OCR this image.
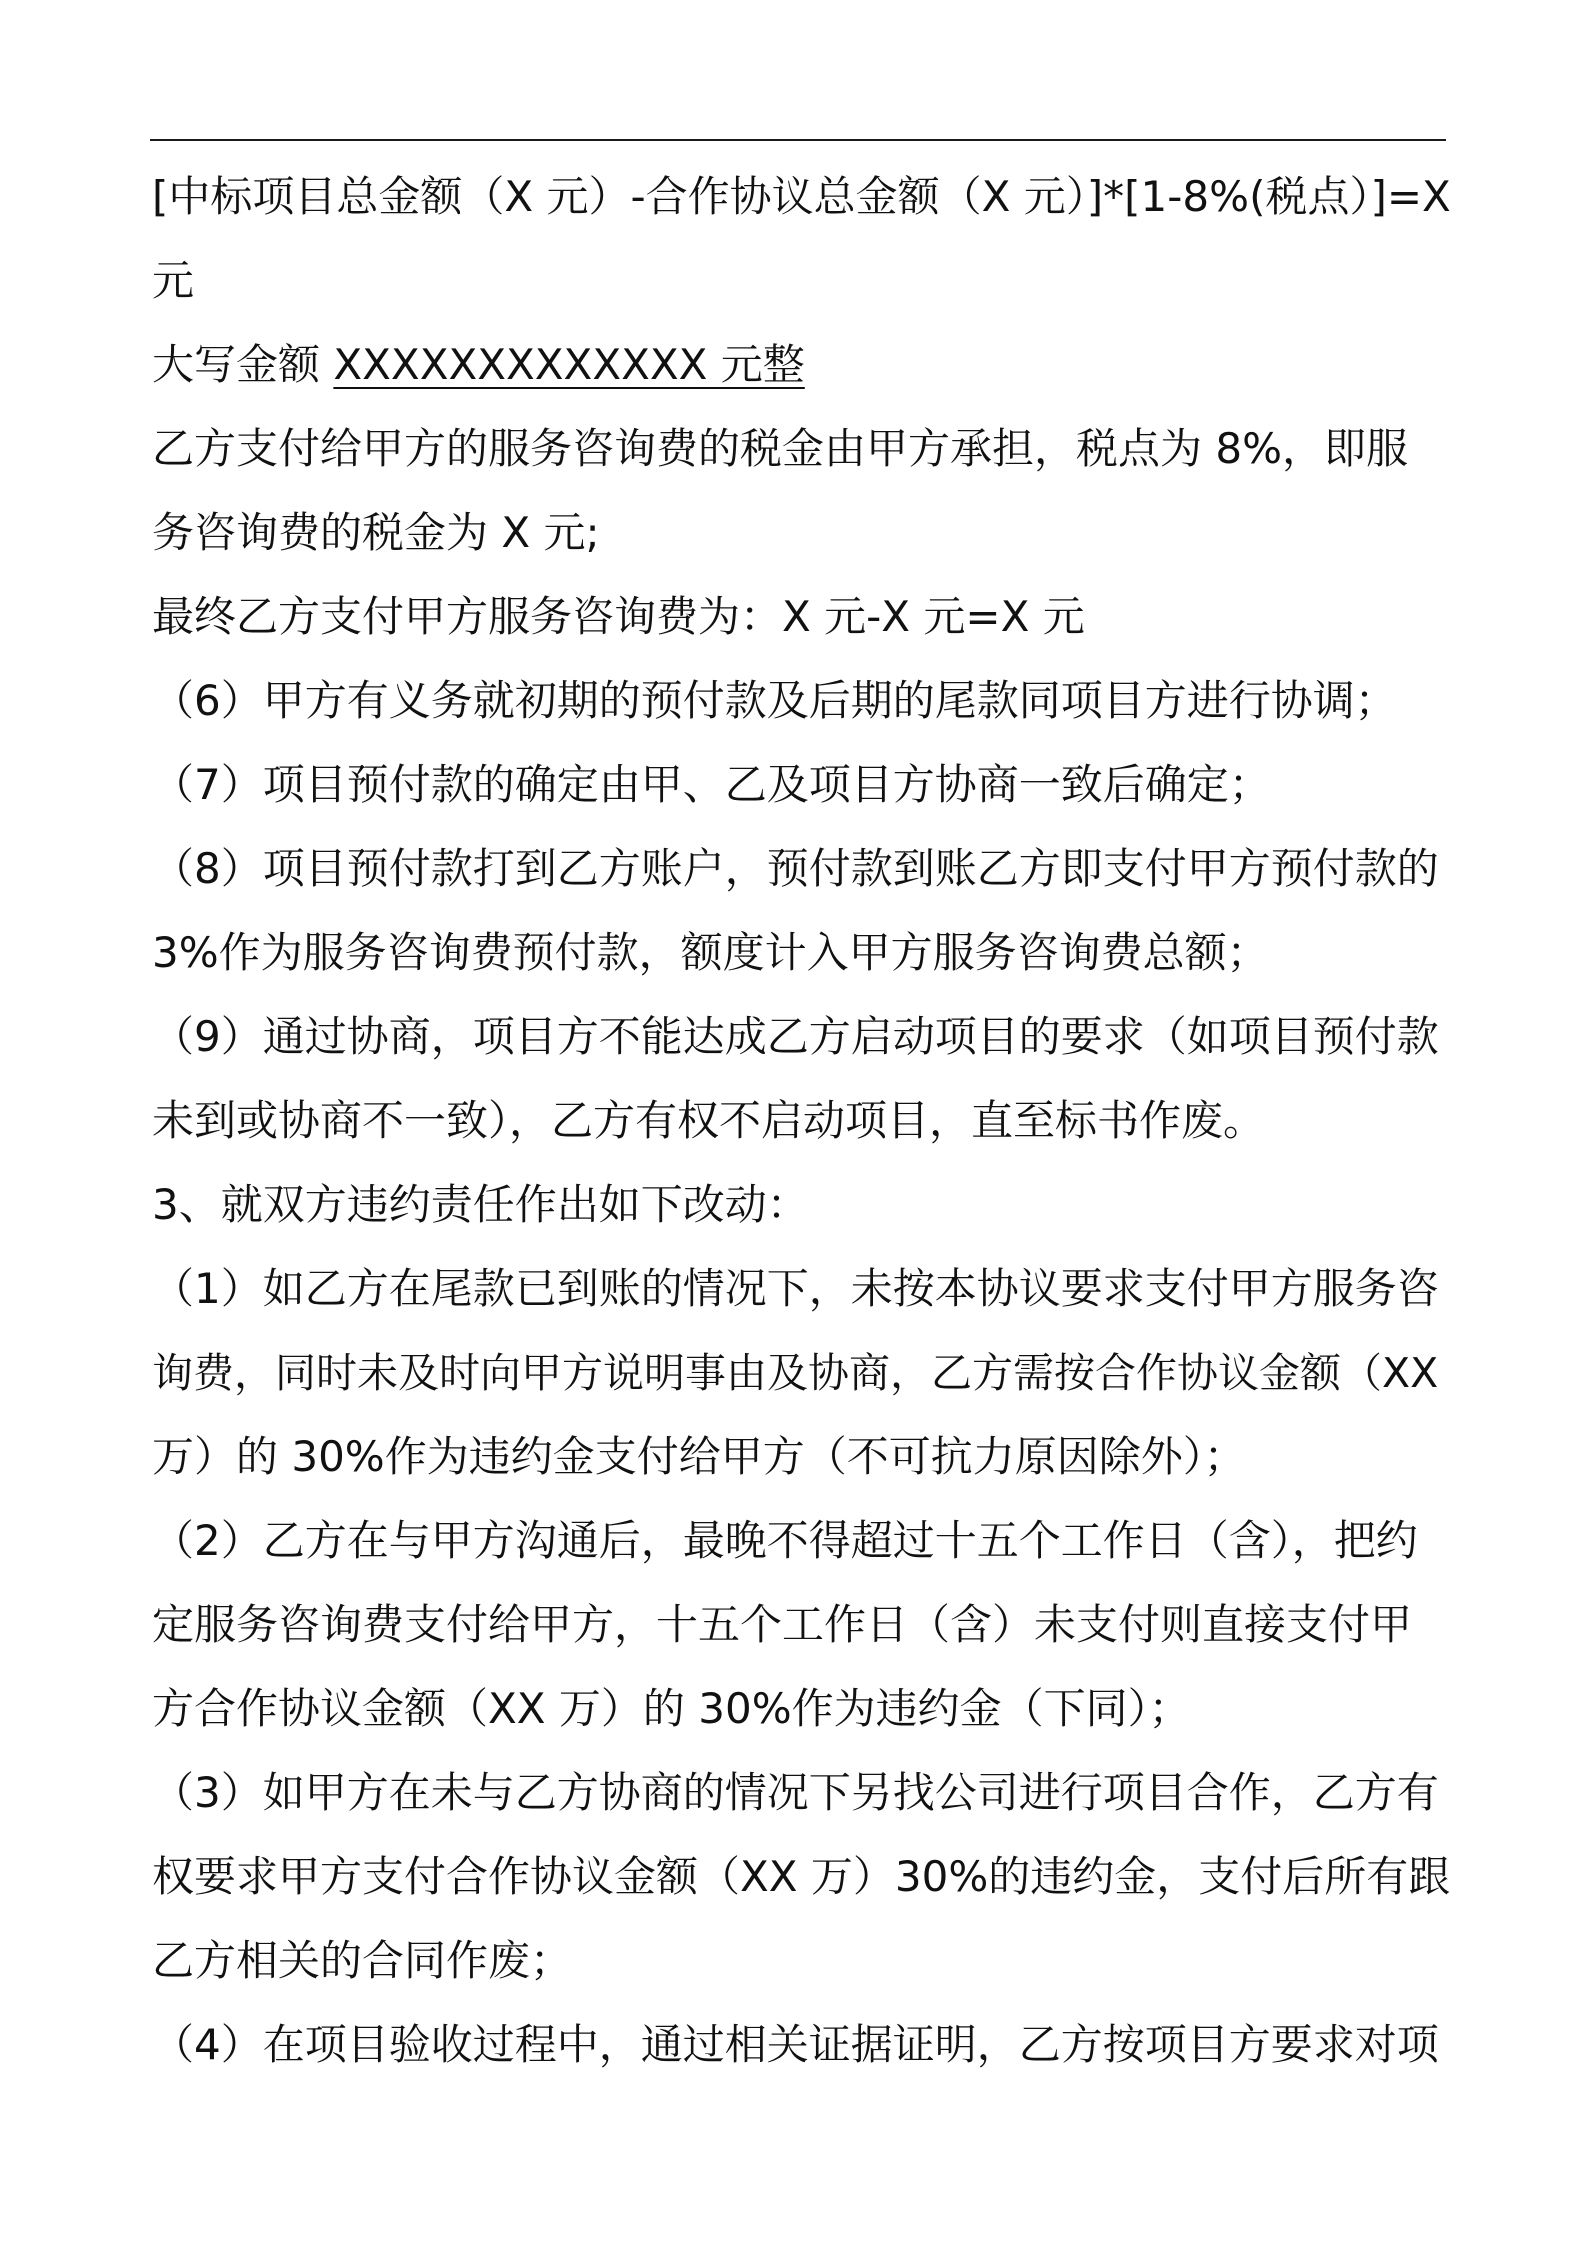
[中标项目总金额（X 元）-合作协议总金额（X 元）]*[1-8%(税点）]=X

元

大写金额 XXXXXXXXXXXXX 元整

乙方支付给甲方的服务咨询费的税金由甲方承担，税点为 8%，即服

务咨询费的税金为 X 元;

最终乙方支付甲方服务咨询费为：X 元-X 元=X 元

（6）甲方有义务就初期的预付款及后期的尾款同项目方进行协调；

（7）项目预付款的确定由甲、乙及项目方协商一致后确定；

（8）项目预付款打到乙方账户，预付款到账乙方即支付甲方预付款的

3%作为服务咨询费预付款，额度计入甲方服务咨询费总额；

（9）通过协商，项目方不能达成乙方启动项目的要求（如项目预付款

未到或协商不一致），乙方有权不启动项目，直至标书作废。

3、就双方违约责任作出如下改动：

（1）如乙方在尾款已到账的情况下，未按本协议要求支付甲方服务咨

询费，同时未及时向甲方说明事由及协商，乙方需按合作协议金额（XX

万）的 30%作为违约金支付给甲方（不可抗力原因除外）；

（2）乙方在与甲方沟通后，最晚不得超过十五个工作日（含），把约

定服务咨询费支付给甲方，十五个工作日（含）未支付则直接支付甲

方合作协议金额（XX 万）的 30%作为违约金（下同）；

（3）如甲方在未与乙方协商的情况下另找公司进行项目合作，乙方有

权要求甲方支付合作协议金额（XX 万）30%的违约金，支付后所有跟

乙方相关的合同作废；

（4）在项目验收过程中，通过相关证据证明，乙方按项目方要求对项
